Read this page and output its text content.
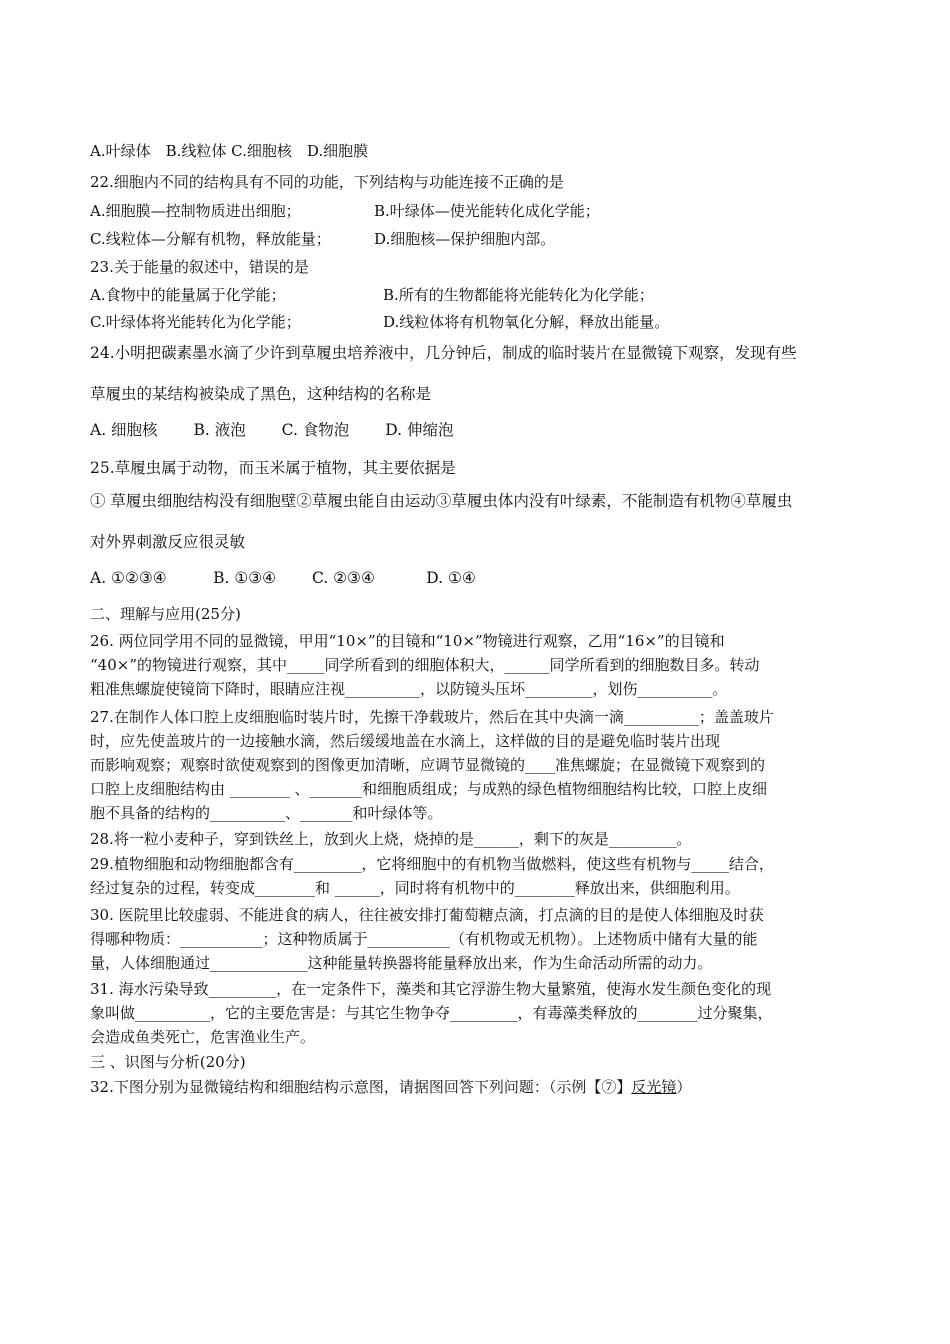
A.叶绿体　B.线粒体 C.细胞核　D.细胞膜
22.细胞内不同的结构具有不同的功能，下列结构与功能连接不正确的是
A.细胞膜—控制物质进出细胞；	B.叶绿体—使光能转化成化学能；
C.线粒体—分解有机物，释放能量；	D.细胞核—保护细胞内部。
23.关于能量的叙述中，错误的是
A.食物中的能量属于化学能；	B.所有的生物都能将光能转化为化学能；
C.叶绿体将光能转化为化学能；	D.线粒体将有机物氧化分解，释放出能量。
24.小明把碳素墨水滴了少许到草履虫培养液中，几分钟后，制成的临时装片在显微镜下观察，发现有些
草履虫的某结构被染成了黑色，这种结构的名称是
A. 细胞核　　 B. 液泡　　 C. 食物泡　　 D. 伸缩泡
25.草履虫属于动物，而玉米属于植物，其主要依据是
① 草履虫细胞结构没有细胞壁②草履虫能自由运动③草履虫体内没有叶绿素，不能制造有机物④草履虫
对外界刺激反应很灵敏
A. ①②③④　　　B. ①③④　　 C. ②③④　　　 D. ①④
二、理解与应用(25分)
26. 两位同学用不同的显微镜，甲用“10×”的目镜和“10×”物镜进行观察，乙用“16×”的目镜和
“40×”的物镜进行观察，其中_____同学所看到的细胞体积大，______同学所看到的细胞数目多。转动
粗准焦螺旋使镜筒下降时，眼睛应注视__________，以防镜头压坏_________，划伤__________。
27.在制作人体口腔上皮细胞临时装片时，先擦干净载玻片，然后在其中央滴一滴__________；盖盖玻片
时，应先使盖玻片的一边接触水滴，然后缓缓地盖在水滴上，这样做的目的是避免临时装片出现
而影响观察；观察时欲使观察到的图像更加清晰，应调节显微镜的____准焦螺旋；在显微镜下观察到的
口腔上皮细胞结构由 ________ 、_______和细胞质组成；与成熟的绿色植物细胞结构比较，口腔上皮细
胞不具备的结构的__________、_______和叶绿体等。
28.将一粒小麦种子，穿到铁丝上，放到火上烧，烧掉的是______，剩下的灰是_________。
29.植物细胞和动物细胞都含有_________，它将细胞中的有机物当做燃料，使这些有机物与_____结合，
经过复杂的过程，转变成________和 ______，同时将有机物中的________释放出来，供细胞利用。
30. 医院里比较虚弱、不能进食的病人，往往被安排打葡萄糖点滴，打点滴的目的是使人体细胞及时获
得哪种物质：___________；这种物质属于___________（有机物或无机物）。上述物质中储有大量的能
量，人体细胞通过_____________这种能量转换器将能量释放出来，作为生命活动所需的动力。
31. 海水污染导致_________，在一定条件下，藻类和其它浮游生物大量繁殖，使海水发生颜色变化的现
象叫做__________，它的主要危害是：与其它生物争夺_________，有毒藻类释放的________过分聚集，
会造成鱼类死亡，危害渔业生产。
三 、识图与分析(20分)
32.下图分别为显微镜结构和细胞结构示意图，请据图回答下列问题：（示例【⑦】反光镜）
